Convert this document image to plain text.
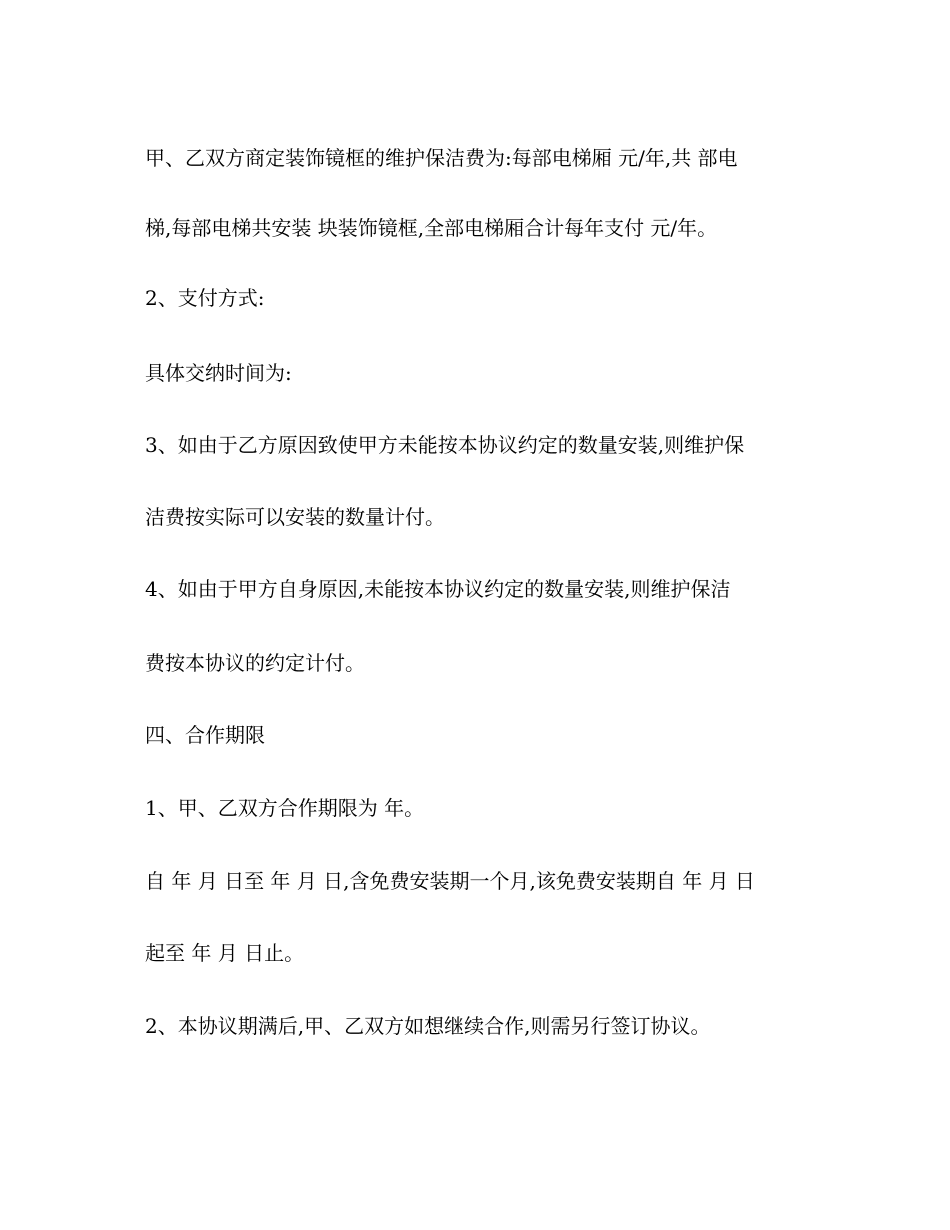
甲、乙双方商定装饰镜框的维护保洁费为:每部电梯厢 元/年,共 部电
梯,每部电梯共安装 块装饰镜框,全部电梯厢合计每年支付 元/年。
2、支付方式:
具体交纳时间为:
3、如由于乙方原因致使甲方未能按本协议约定的数量安装,则维护保
洁费按实际可以安装的数量计付。
4、如由于甲方自身原因,未能按本协议约定的数量安装,则维护保洁
费按本协议的约定计付。
四、合作期限
1、甲、乙双方合作期限为 年。
自 年 月 日至 年 月 日,含免费安装期一个月,该免费安装期自 年 月 日
起至 年 月 日止。
2、本协议期满后,甲、乙双方如想继续合作,则需另行签订协议。
